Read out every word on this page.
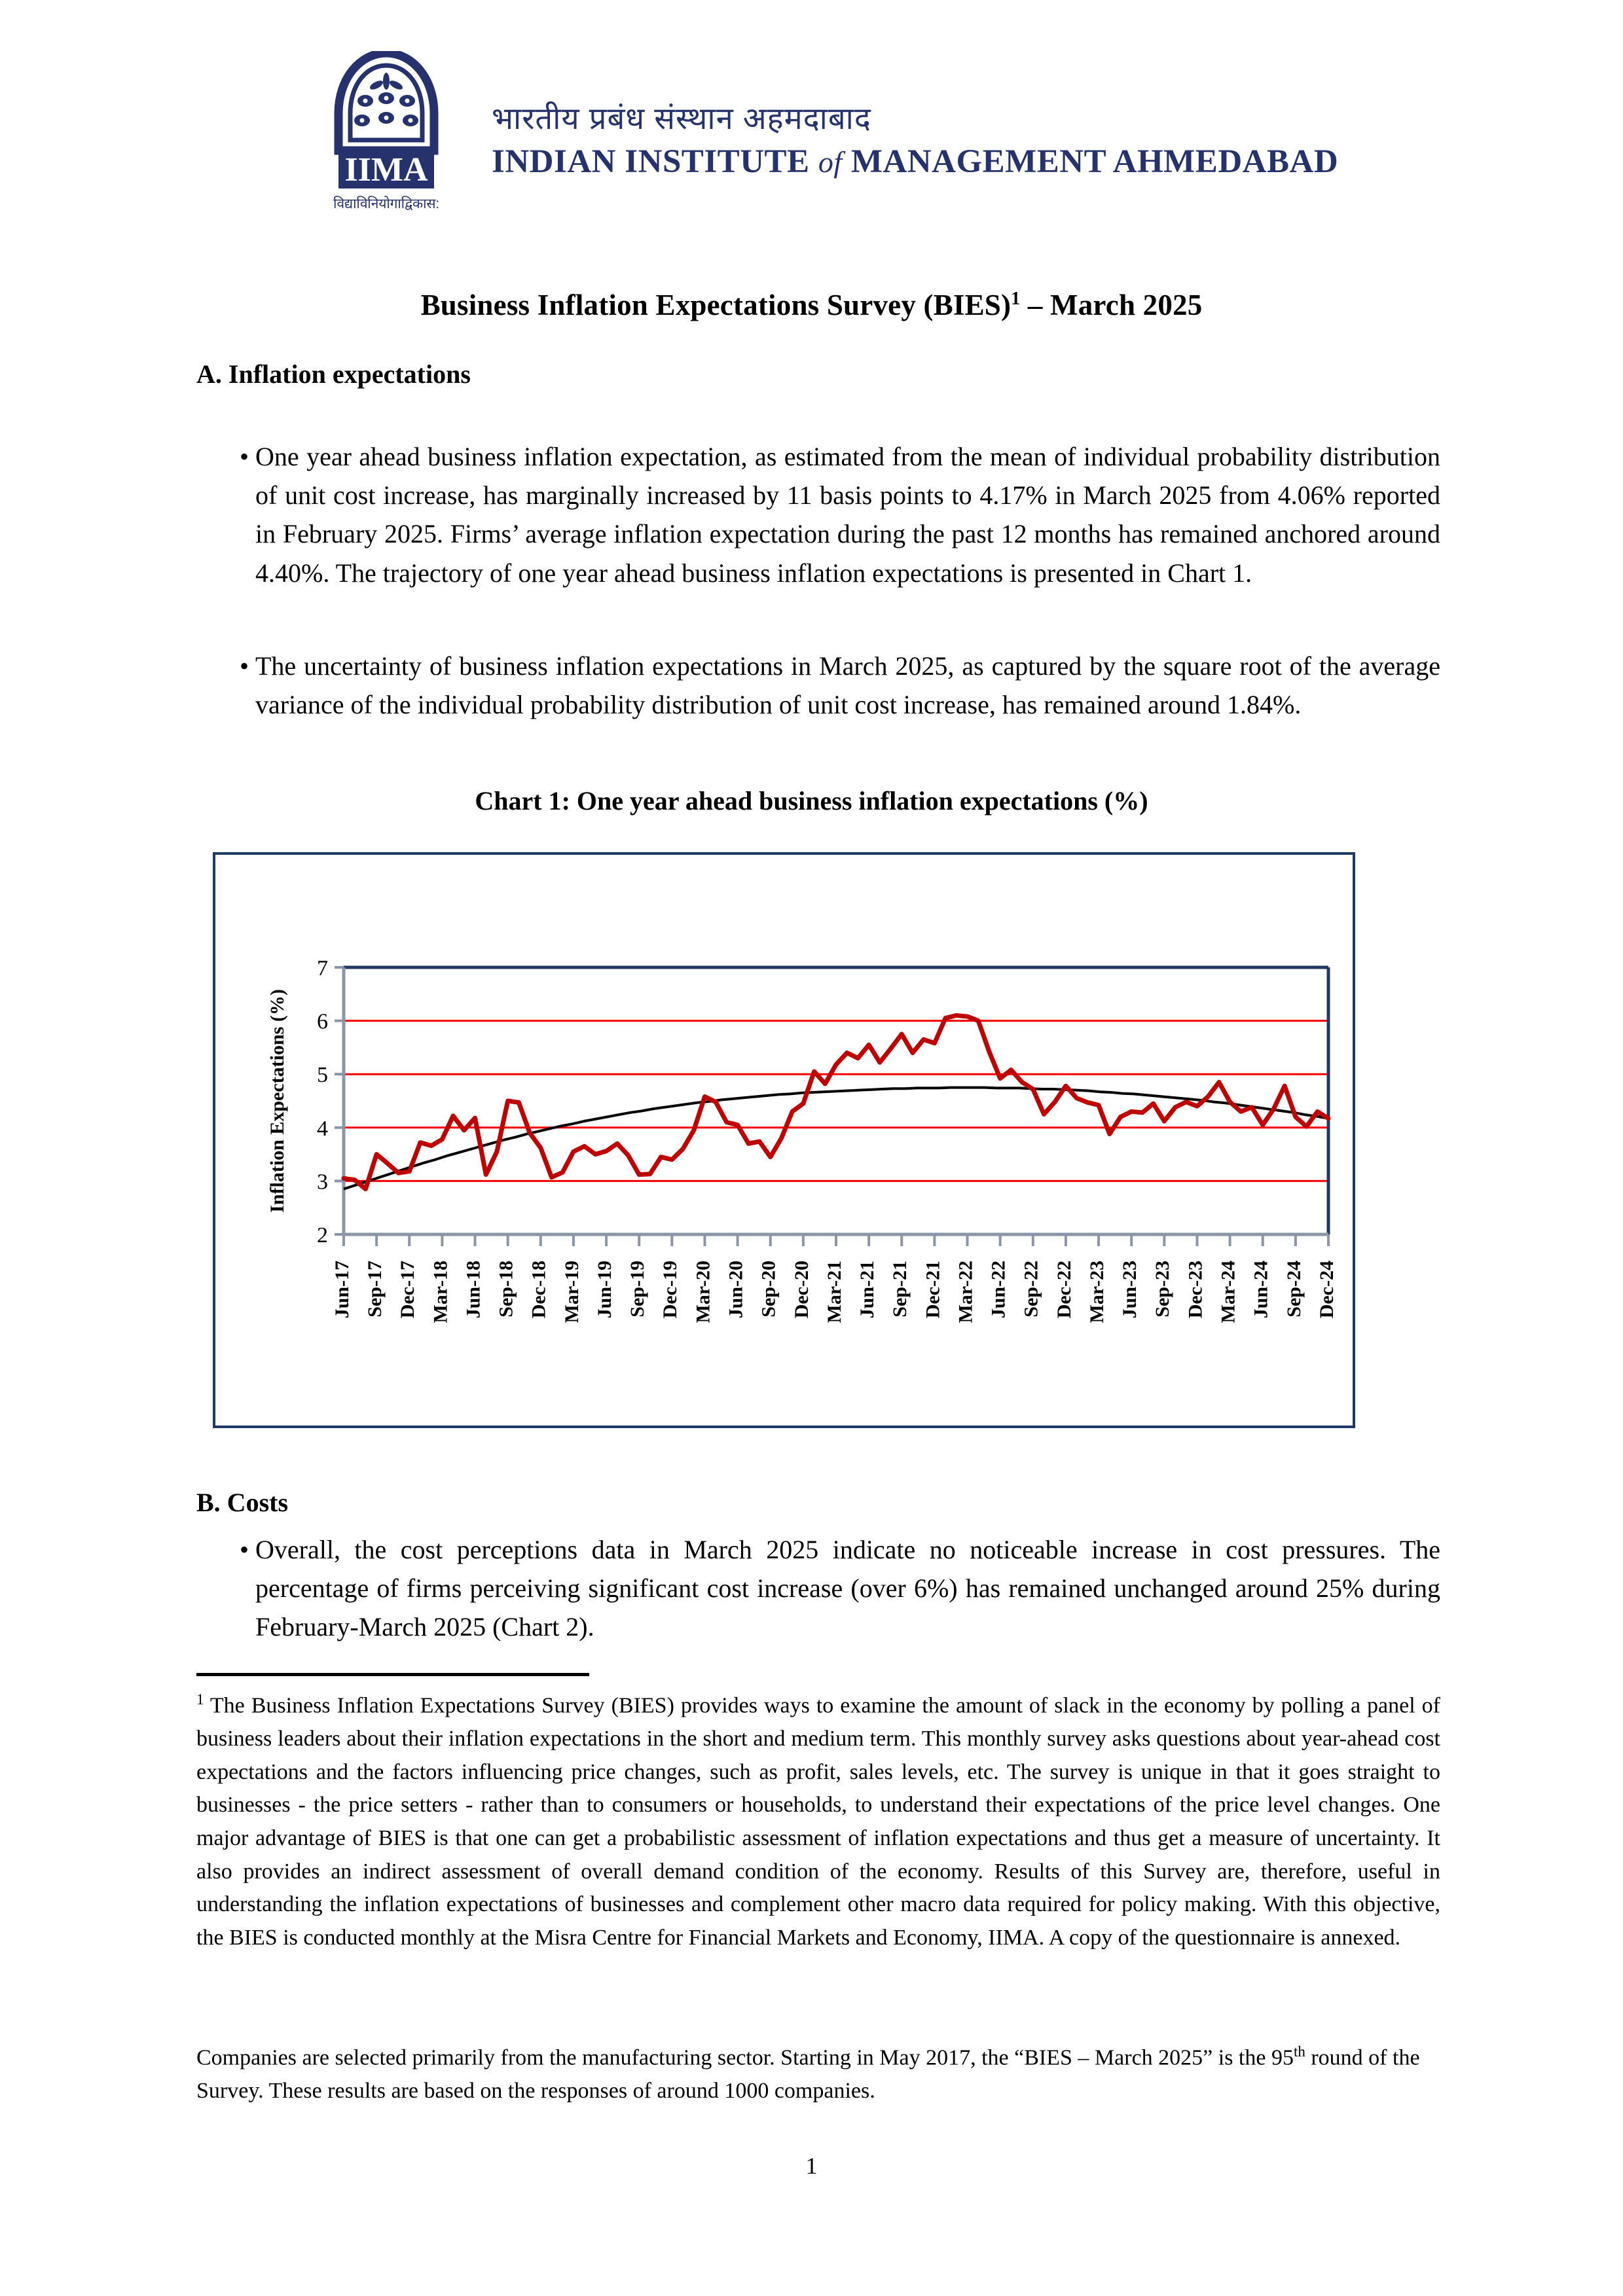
IIMA
विद्याविनियोगाद्विकास:
भारतीय प्रबंध संस्थान अहमदाबाद
INDIAN INSTITUTE of MANAGEMENT AHMEDABAD
Business Inflation Expectations Survey (BIES)$^1$ – March 2025
A. Inflation expectations
• One year ahead business inflation expectation, as estimated from the mean of individual probability distribution of unit cost increase, has marginally increased by 11 basis points to 4.17% in March 2025 from 4.06% reported in February 2025. Firms’ average inflation expectation during the past 12 months has remained anchored around 4.40%. The trajectory of one year ahead business inflation expectations is presented in Chart 1.
• The uncertainty of business inflation expectations in March 2025, as captured by the square root of the average variance of the individual probability distribution of unit cost increase, has remained around 1.84%.
Chart 1: One year ahead business inflation expectations (%)
2
3
4
5
6
7
Jun-17 Sep-17 Dec-17 Mar-18 Jun-18 Sep-18 Dec-18 Mar-19 Jun-19 Sep-19 Dec-19 Mar-20 Jun-20 Sep-20 Dec-20 Mar-21 Jun-21 Sep-21 Dec-21 Mar-22 Jun-22 Sep-22 Dec-22 Mar-23 Jun-23 Sep-23 Dec-23 Mar-24 Jun-24 Sep-24 Dec-24
Inflation Expectations (%)
B. Costs
• Overall, the cost perceptions data in March 2025 indicate no noticeable increase in cost pressures. The percentage of firms perceiving significant cost increase (over 6%) has remained unchanged around 25% during February-March 2025 (Chart 2).
$^1$ The Business Inflation Expectations Survey (BIES) provides ways to examine the amount of slack in the economy by polling a panel of business leaders about their inflation expectations in the short and medium term. This monthly survey asks questions about year-ahead cost expectations and the factors influencing price changes, such as profit, sales levels, etc. The survey is unique in that it goes straight to businesses - the price setters - rather than to consumers or households, to understand their expectations of the price level changes. One major advantage of BIES is that one can get a probabilistic assessment of inflation expectations and thus get a measure of uncertainty. It also provides an indirect assessment of overall demand condition of the economy. Results of this Survey are, therefore, useful in understanding the inflation expectations of businesses and complement other macro data required for policy making. With this objective, the BIES is conducted monthly at the Misra Centre for Financial Markets and Economy, IIMA. A copy of the questionnaire is annexed.
Companies are selected primarily from the manufacturing sector. Starting in May 2017, the “BIES – March 2025” is the 95th round of the Survey. These results are based on the responses of around 1000 companies.
1
